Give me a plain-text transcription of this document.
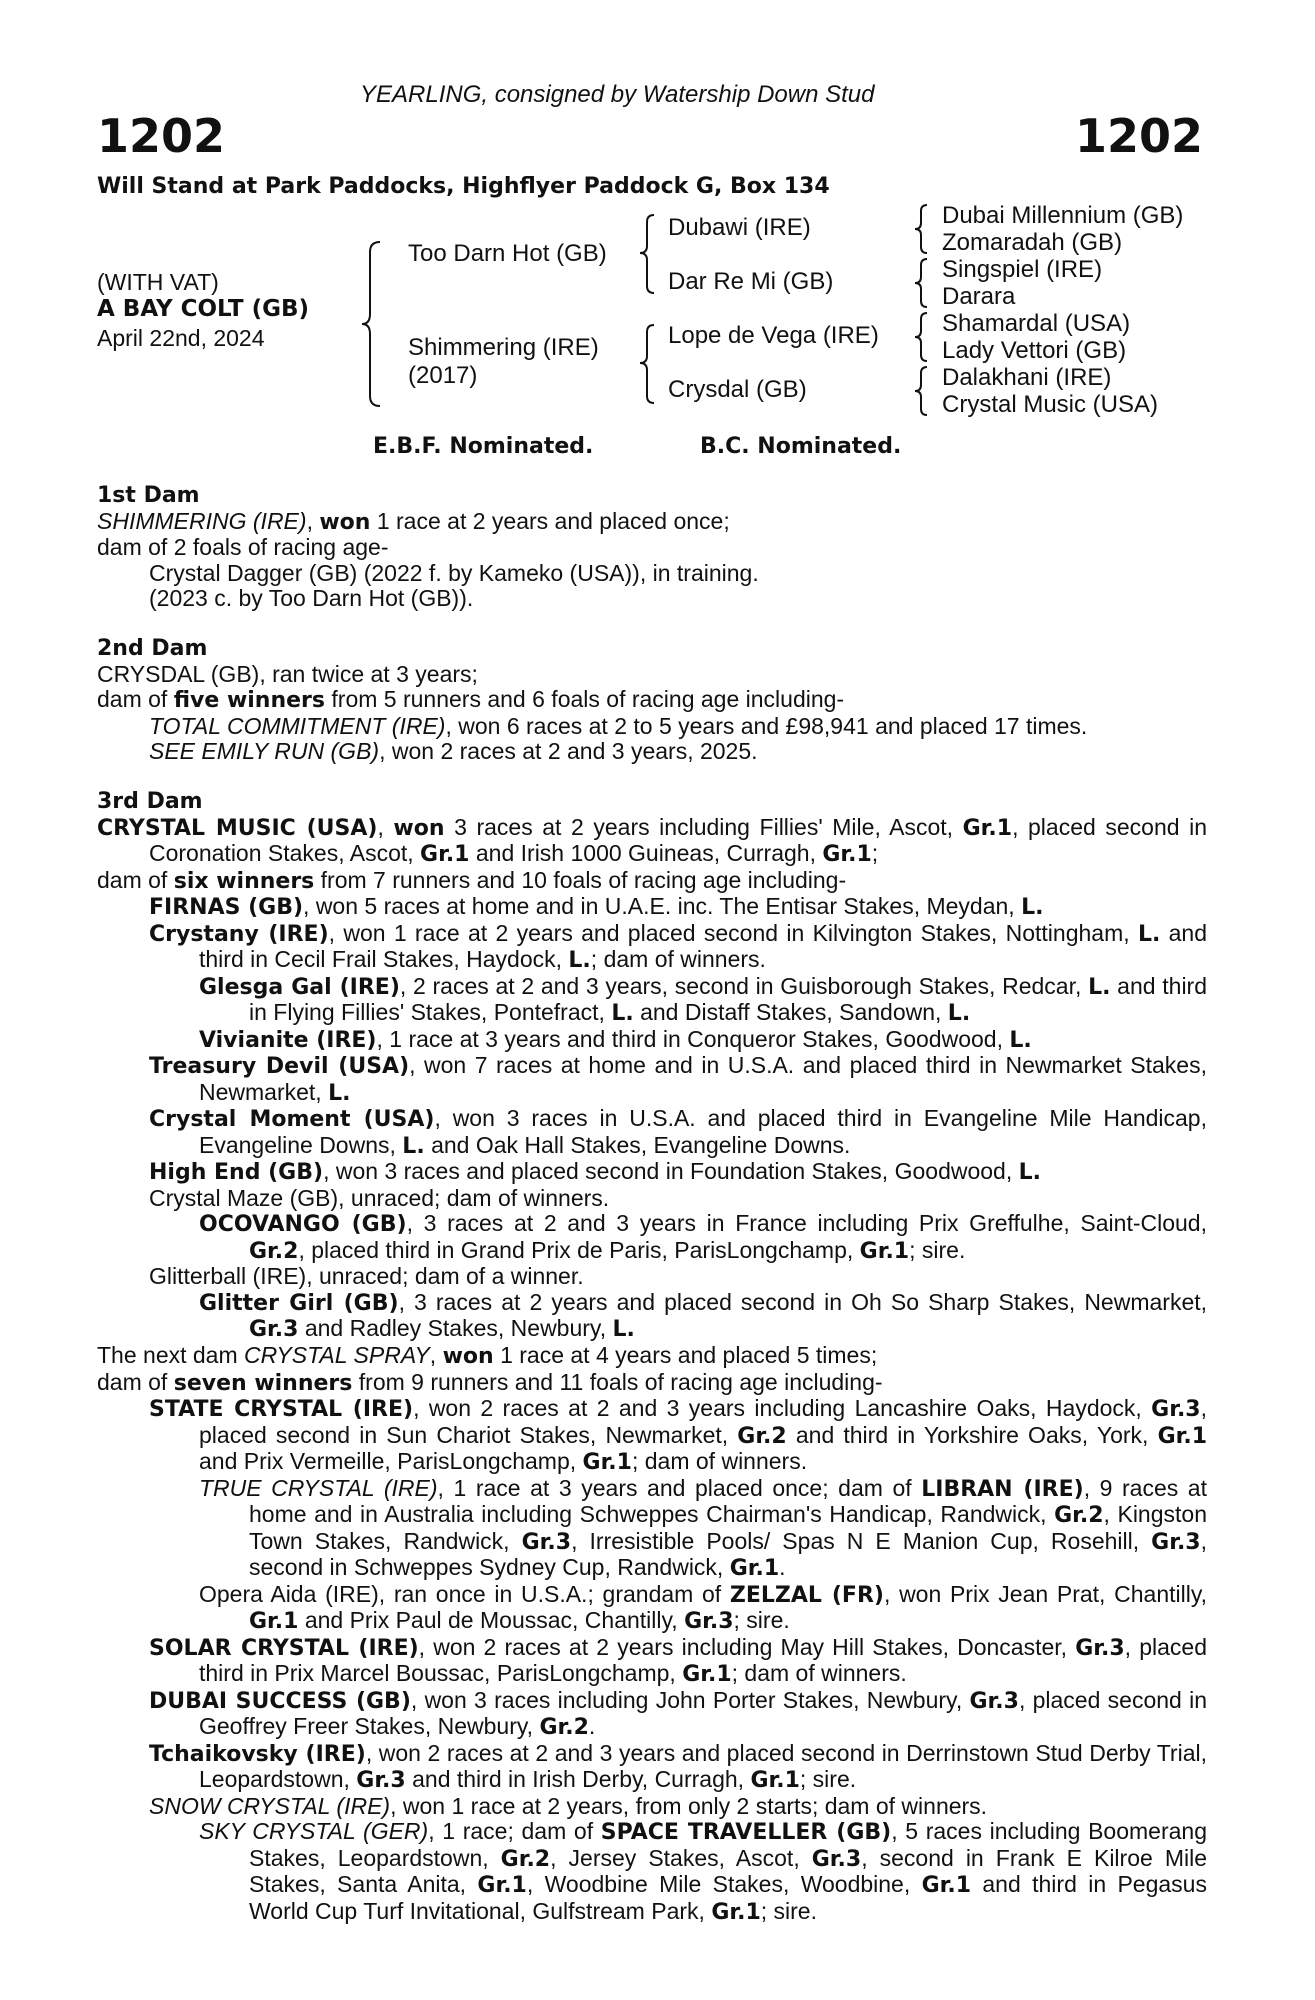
YEARLING, consigned by Watership Down Stud
1202	1202
Will Stand at Park Paddocks, Highflyer Paddock G, Box 134
(WITH VAT)
A BAY COLT (GB)
April 22nd, 2024
Too Darn Hot (GB)
Shimmering (IRE)
(2017)
Dubawi (IRE)
Dar Re Mi (GB)
Lope de Vega (IRE)
Crysdal (GB)
Dubai Millennium (GB)
Zomaradah (GB)
Singspiel (IRE)
Darara
Shamardal (USA)
Lady Vettori (GB)
Dalakhani (IRE)
Crystal Music (USA)
E.B.F. Nominated.	B.C. Nominated.

1st Dam

SHIMMERING (IRE), won 1 race at 2 years and placed once;

dam of 2 foals of racing age-

Crystal Dagger (GB) (2022 f. by Kameko (USA)), in training.

(2023 c. by Too Darn Hot (GB)).

2nd Dam

CRYSDAL (GB), ran twice at 3 years;

dam of five winners from 5 runners and 6 foals of racing age including-

TOTAL COMMITMENT (IRE), won 6 races at 2 to 5 years and £98,941 and placed 17 times.

SEE EMILY RUN (GB), won 2 races at 2 and 3 years, 2025.

3rd Dam

CRYSTAL MUSIC (USA), won 3 races at 2 years including Fillies' Mile, Ascot, Gr.1, placed second in Coronation Stakes, Ascot, Gr.1 and Irish 1000 Guineas, Curragh, Gr.1;

dam of six winners from 7 runners and 10 foals of racing age including-

FIRNAS (GB), won 5 races at home and in U.A.E. inc. The Entisar Stakes, Meydan, L.

Crystany (IRE), won 1 race at 2 years and placed second in Kilvington Stakes, Nottingham, L. and third in Cecil Frail Stakes, Haydock, L.; dam of winners.

Glesga Gal (IRE), 2 races at 2 and 3 years, second in Guisborough Stakes, Redcar, L. and third in Flying Fillies' Stakes, Pontefract, L. and Distaff Stakes, Sandown, L.

Vivianite (IRE), 1 race at 3 years and third in Conqueror Stakes, Goodwood, L.

Treasury Devil (USA), won 7 races at home and in U.S.A. and placed third in Newmarket Stakes, Newmarket, L.

Crystal Moment (USA), won 3 races in U.S.A. and placed third in Evangeline Mile Handicap, Evangeline Downs, L. and Oak Hall Stakes, Evangeline Downs.

High End (GB), won 3 races and placed second in Foundation Stakes, Goodwood, L.

Crystal Maze (GB), unraced; dam of winners.

OCOVANGO (GB), 3 races at 2 and 3 years in France including Prix Greffulhe, Saint-Cloud, Gr.2, placed third in Grand Prix de Paris, ParisLongchamp, Gr.1; sire.

Glitterball (IRE), unraced; dam of a winner.

Glitter Girl (GB), 3 races at 2 years and placed second in Oh So Sharp Stakes, Newmarket, Gr.3 and Radley Stakes, Newbury, L.

The next dam CRYSTAL SPRAY, won 1 race at 4 years and placed 5 times;

dam of seven winners from 9 runners and 11 foals of racing age including-

STATE CRYSTAL (IRE), won 2 races at 2 and 3 years including Lancashire Oaks, Haydock, Gr.3, placed second in Sun Chariot Stakes, Newmarket, Gr.2 and third in Yorkshire Oaks, York, Gr.1 and Prix Vermeille, ParisLongchamp, Gr.1; dam of winners.

TRUE CRYSTAL (IRE), 1 race at 3 years and placed once; dam of LIBRAN (IRE), 9 races at home and in Australia including Schweppes Chairman's Handicap, Randwick, Gr.2, Kingston Town Stakes, Randwick, Gr.3, Irresistible Pools/ Spas N E Manion Cup, Rosehill, Gr.3, second in Schweppes Sydney Cup, Randwick, Gr.1.

Opera Aida (IRE), ran once in U.S.A.; grandam of ZELZAL (FR), won Prix Jean Prat, Chantilly, Gr.1 and Prix Paul de Moussac, Chantilly, Gr.3; sire.

SOLAR CRYSTAL (IRE), won 2 races at 2 years including May Hill Stakes, Doncaster, Gr.3, placed third in Prix Marcel Boussac, ParisLongchamp, Gr.1; dam of winners.

DUBAI SUCCESS (GB), won 3 races including John Porter Stakes, Newbury, Gr.3, placed second in Geoffrey Freer Stakes, Newbury, Gr.2.

Tchaikovsky (IRE), won 2 races at 2 and 3 years and placed second in Derrinstown Stud Derby Trial, Leopardstown, Gr.3 and third in Irish Derby, Curragh, Gr.1; sire.

SNOW CRYSTAL (IRE), won 1 race at 2 years, from only 2 starts; dam of winners.

SKY CRYSTAL (GER), 1 race; dam of SPACE TRAVELLER (GB), 5 races including Boomerang Stakes, Leopardstown, Gr.2, Jersey Stakes, Ascot, Gr.3, second in Frank E Kilroe Mile Stakes, Santa Anita, Gr.1, Woodbine Mile Stakes, Woodbine, Gr.1 and third in Pegasus World Cup Turf Invitational, Gulfstream Park, Gr.1; sire.
